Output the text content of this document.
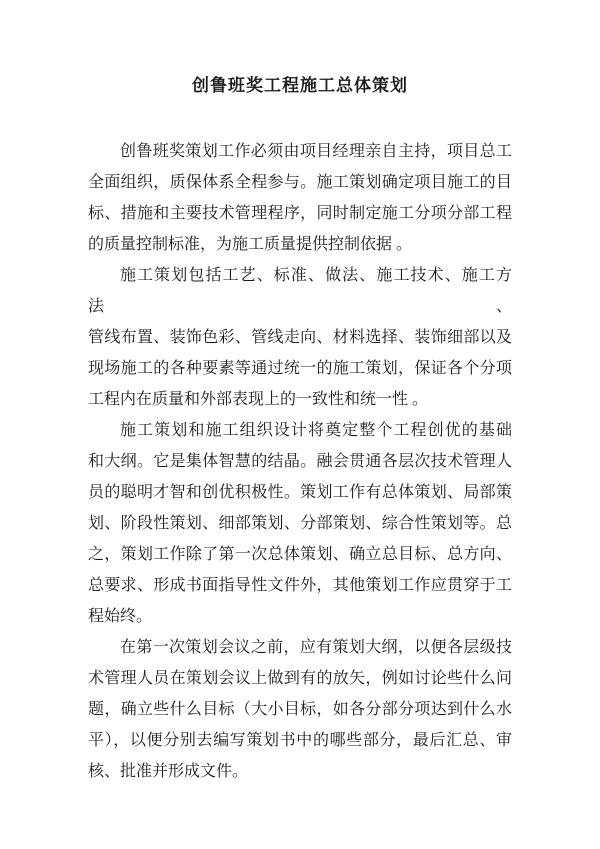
创鲁班奖工程施工总体策划
创鲁班奖策划工作必须由项目经理亲自主持，项目总工
全面组织，质保体系全程参与。施工策划确定项目施工的目
标、措施和主要技术管理程序，同时制定施工分项分部工程
的质量控制标准，为施工质量提供控制依据 。
施工策划包括工艺、标准、做法、施工技术、施工方法、
管线布置、装饰色彩、管线走向、材料选择、装饰细部以及
现场施工的各种要素等通过统一的施工策划，保证各个分项
工程内在质量和外部表现上的一致性和统一性 。
施工策划和施工组织设计将奠定整个工程创优的基础
和大纲。它是集体智慧的结晶。融会贯通各层次技术管理人
员的聪明才智和创优积极性。策划工作有总体策划、局部策
划、阶段性策划、细部策划、分部策划、综合性策划等。总
之，策划工作除了第一次总体策划、确立总目标、总方向、
总要求、形成书面指导性文件外，其他策划工作应贯穿于工
程始终。
在第一次策划会议之前，应有策划大纲，以便各层级技
术管理人员在策划会议上做到有的放矢，例如讨论些什么问
题，确立些什么目标（大小目标，如各分部分项达到什么水
平），以便分别去编写策划书中的哪些部分，最后汇总、审
核、批准并形成文件。
